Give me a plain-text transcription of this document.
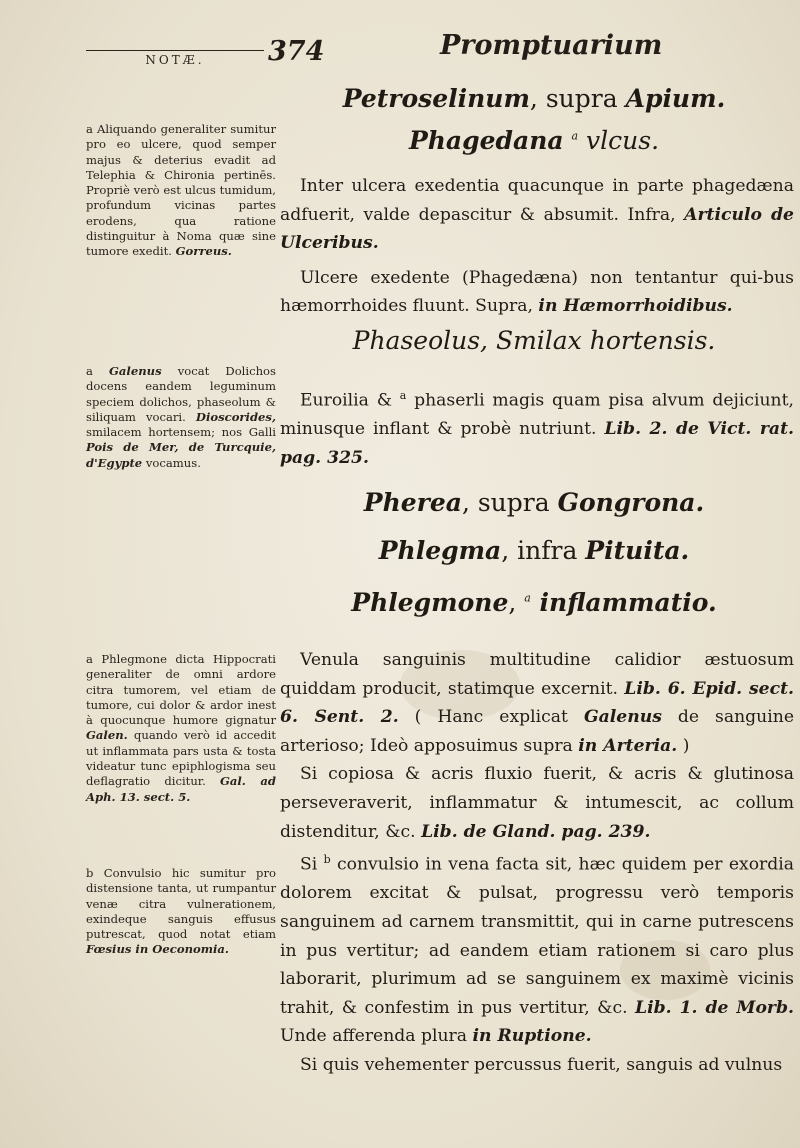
NOTÆ.	374	Promptuarium
Petroselinum, supra Apium.
Phagedana $^a$ vlcus.

Inter ulcera exedentia quacunque in parte phagedæna adfuerit, valde depascitur & absumit. Infra, Articulo de Ulceribus.

Ulcere exedente (Phagedæna) non tentantur qui-bus hæmorrhoides fluunt. Supra, in Hæmorrhoidibus.

a Aliquando generaliter sumitur pro eo ulcere, quod semper majus & deterius evadit ad Telephia & Chironia pertinēs. Propriè verò est ulcus tumidum, profundum vicinas partes erodens, qua ratione distinguitur à Noma quæ sine tumore exedit. Gorreus.
Phaseolus, Smilax hortensis.

Euroilia & $^a$ phaserli magis quam pisa alvum dejiciunt, minusque inflant & probè nutriunt. Lib. 2. de Vict. rat. pag. 325.

a Galenus vocat Dolichos docens eandem leguminum speciem dolichos, phaseolum & siliquam vocari. Dioscorides, smilacem hortensem; nos Galli Pois de Mer, de Turcquie, d'Egypte vocamus.
Pherea, supra Gongrona.
Phlegma, infra Pituita.
Phlegmone, $^a$ inflammatio.

Venula sanguinis multitudine calidior æstuosum quiddam producit, statimque excernit. Lib. 6. Epid. sect. 6. Sent. 2. ( Hanc explicat Galenus de sanguine arterioso; Ideò apposuimus supra in Arteria. )

Si copiosa & acris fluxio fuerit, & acris & glutinosa perseveraverit, inflammatur & intumescit, ac collum distenditur, &c. Lib. de Gland. pag. 239.

Si $^b$ convulsio in vena facta sit, hæc quidem per exordia dolorem excitat & pulsat, progressu verò temporis sanguinem ad carnem transmittit, qui in carne putrescens in pus vertitur; ad eandem etiam rationem si caro plus laborarit, plurimum ad se sanguinem ex maximè vicinis trahit, & confestim in pus vertitur, &c. Lib. 1. de Morb. Unde afferenda plura in Ruptione.

Si quis vehementer percussus fuerit, sanguis ad vulnus

a Phlegmone dicta Hippocrati generaliter de omni ardore citra tumorem, vel etiam de tumore, cui dolor & ardor inest à quocunque humore gignatur Galen. quando verò id accedit ut inflammata pars usta & tosta videatur tunc epiphlogisma seu deflagratio dicitur. Gal. ad Aph. 13. sect. 5.
b Convulsio hic sumitur pro distensione tanta, ut rumpantur venæ citra vulnerationem, exindeque sanguis effusus putrescat, quod notat etiam Fœsius in Oeconomia.
